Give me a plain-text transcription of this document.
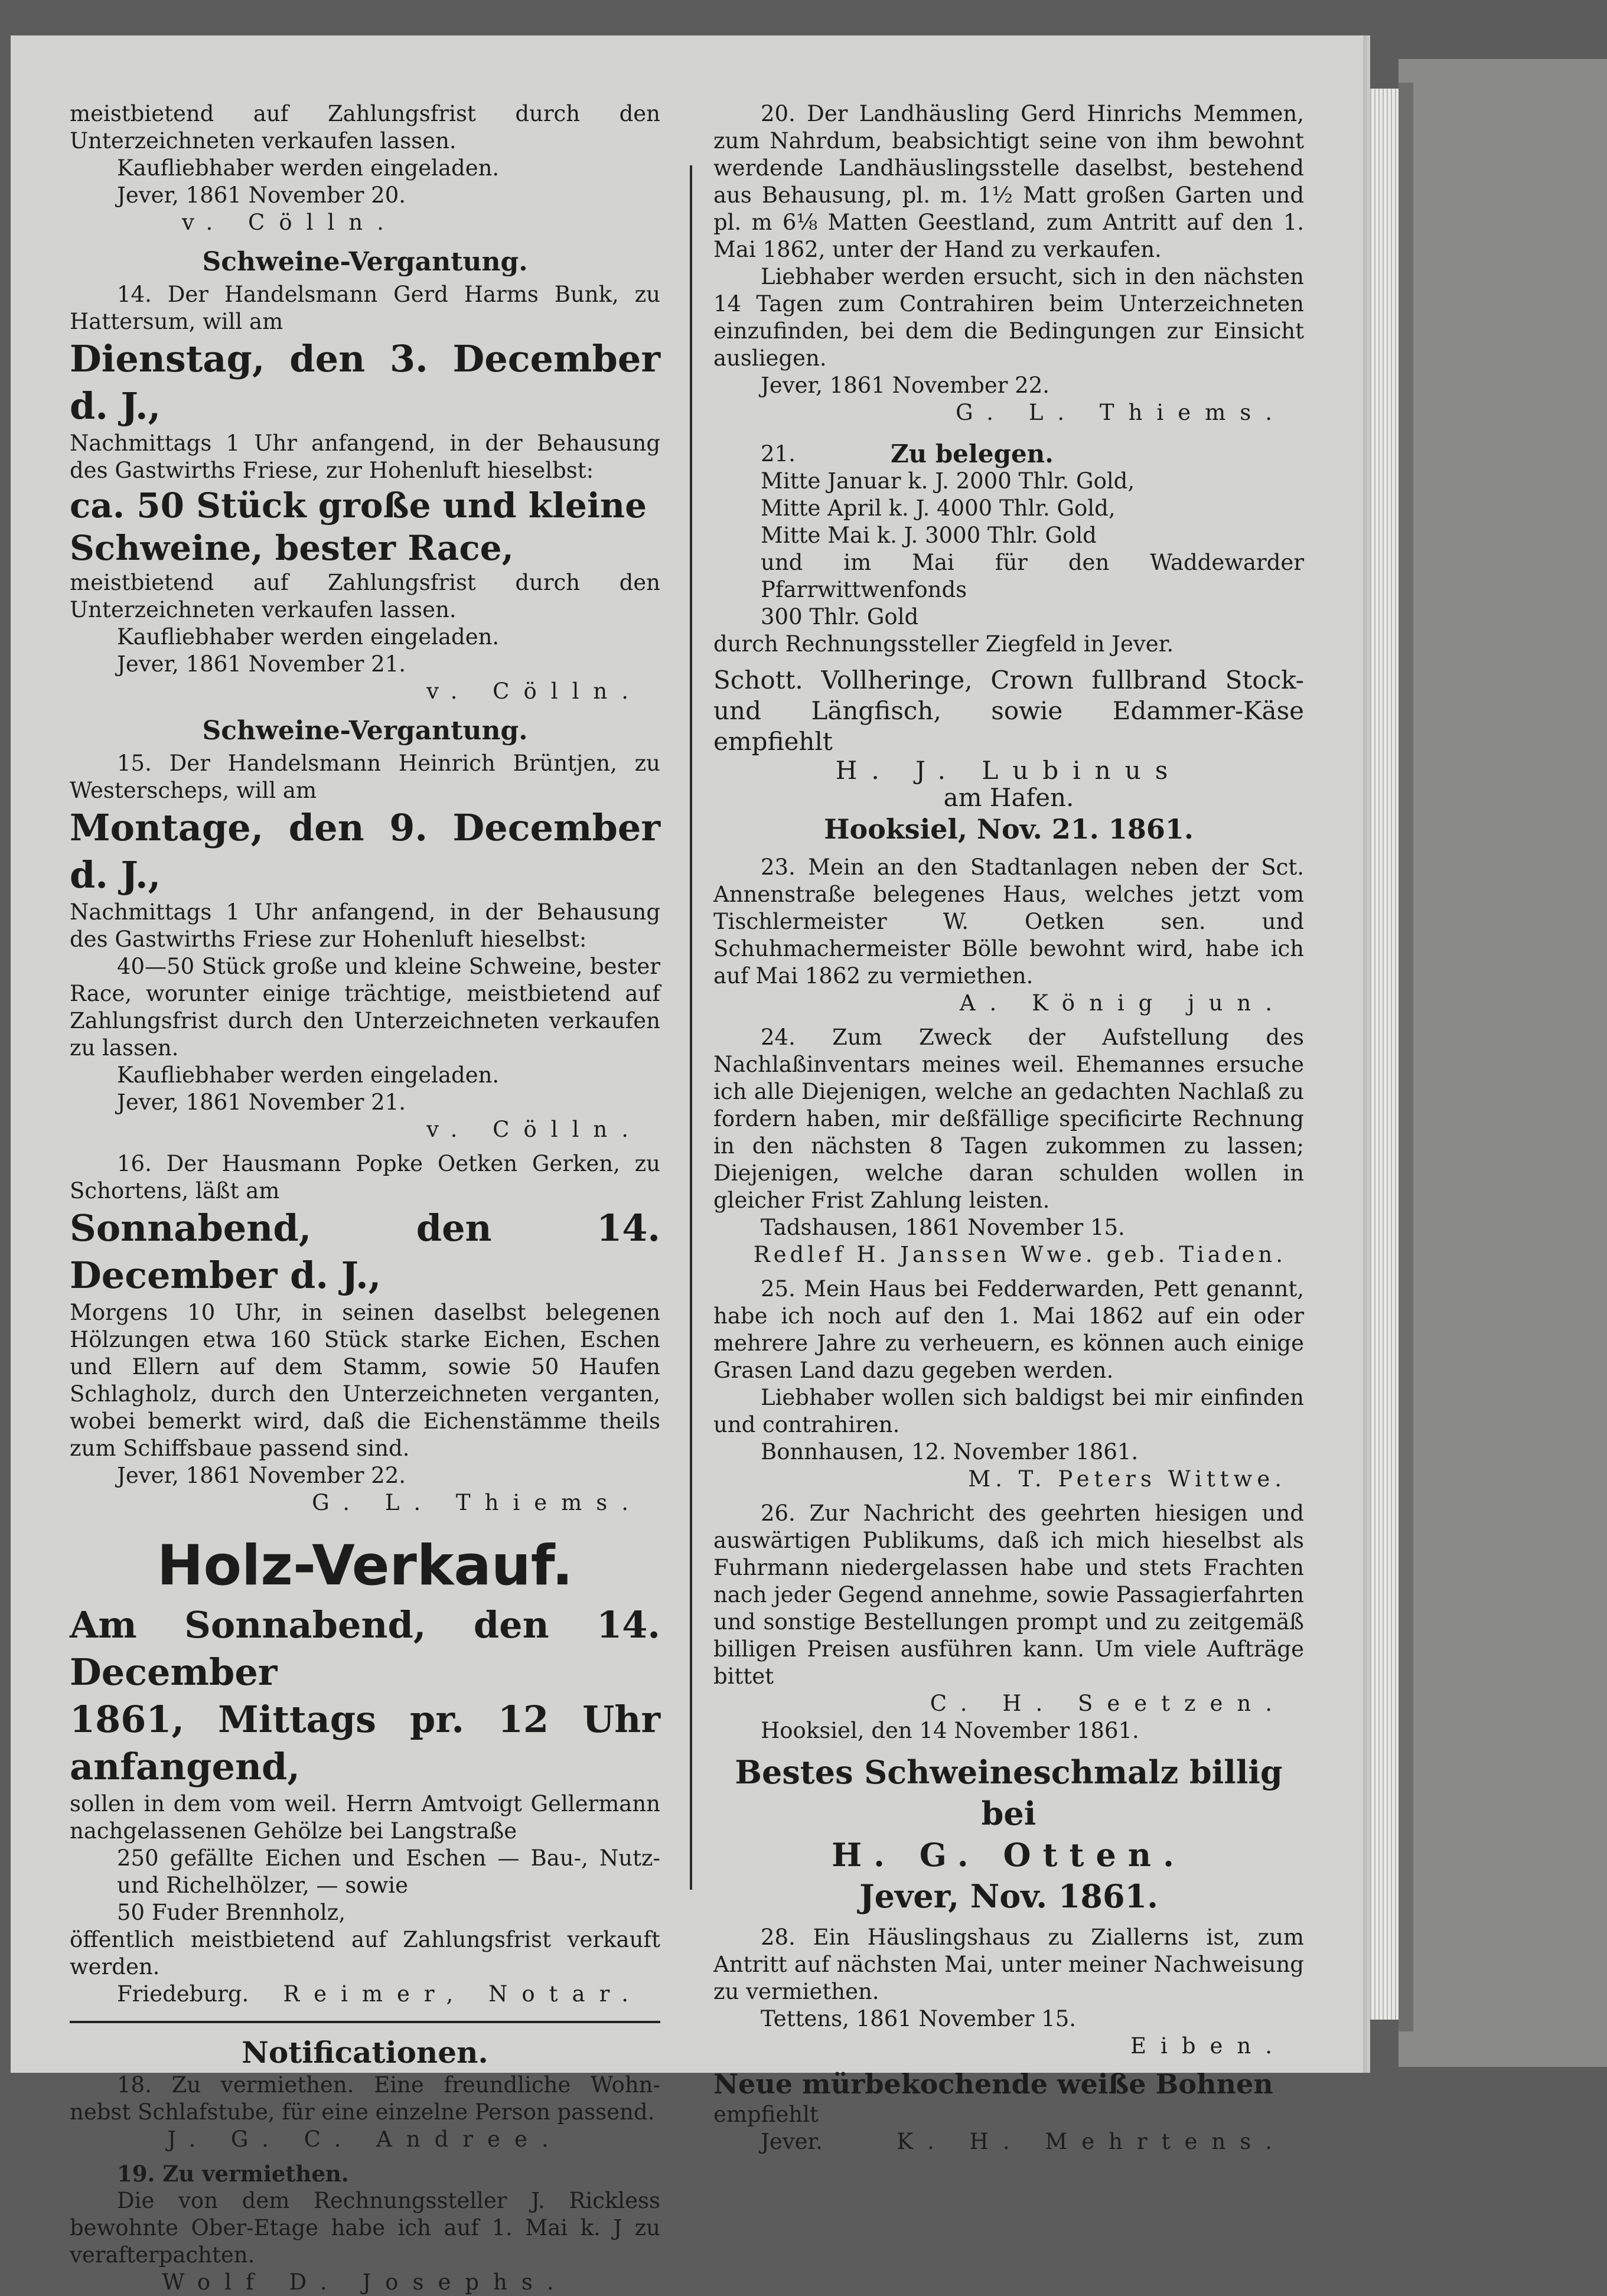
meistbietend auf Zahlungsfrist durch den Unterzeichneten verkaufen lassen.

Kaufliebhaber werden eingeladen.

Jever, 1861 November 20.

v. Cölln.

Schweine-Vergantung.

14. Der Handelsmann Gerd Harms Bunk, zu Hattersum, will am

Dienstag, den 3. December d. J.,

Nachmittags 1 Uhr anfangend, in der Behausung des Gastwirths Friese, zur Hohenluft hieselbst:

ca. 50 Stück große und kleine

Schweine, bester Race,

meistbietend auf Zahlungsfrist durch den Unterzeichneten verkaufen lassen.

Kaufliebhaber werden eingeladen.

Jever, 1861 November 21.

v. Cölln.

Schweine-Vergantung.

15. Der Handelsmann Heinrich Brüntjen, zu Westerscheps, will am

Montage, den 9. December d. J.,

Nachmittags 1 Uhr anfangend, in der Behausung des Gastwirths Friese zur Hohenluft hieselbst:

40—50 Stück große und kleine Schweine, bester Race, worunter einige trächtige, meistbietend auf Zahlungsfrist durch den Unterzeichneten verkaufen zu lassen.

Kaufliebhaber werden eingeladen.

Jever, 1861 November 21.

v. Cölln.

16. Der Hausmann Popke Oetken Gerken, zu Schortens, läßt am

Sonnabend, den 14. December d. J.,

Morgens 10 Uhr, in seinen daselbst belegenen Hölzungen etwa 160 Stück starke Eichen, Eschen und Ellern auf dem Stamm, sowie 50 Haufen Schlagholz, durch den Unterzeichneten verganten, wobei bemerkt wird, daß die Eichenstämme theils zum Schiffsbaue passend sind.

Jever, 1861 November 22.

G. L. Thiems.

Holz-Verkauf.

Am Sonnabend, den 14. December

1861, Mittags pr. 12 Uhr anfangend,

sollen in dem vom weil. Herrn Amtvoigt Gellermann nachgelassenen Gehölze bei Langstraße

250 gefällte Eichen und Eschen — Bau-, Nutz- und Richelhölzer, — sowie

50 Fuder Brennholz,

öffentlich meistbietend auf Zahlungsfrist verkauft werden.

Friedeburg. Reimer, Notar.

Notificationen.

18. Zu vermiethen. Eine freundliche Wohn- nebst Schlafstube, für eine einzelne Person passend.

J. G. C. Andree.

19. Zu vermiethen.

Die von dem Rechnungssteller J. Rickless bewohnte Ober-Etage habe ich auf 1. Mai k. J zu verafterpachten.

Wolf D. Josephs.

20. Der Landhäusling Gerd Hinrichs Memmen, zum Nahrdum, beabsichtigt seine von ihm bewohnt werdende Landhäuslingsstelle daselbst, bestehend aus Behausung, pl. m. 1½ Matt großen Garten und pl. m 6⅛ Matten Geestland, zum Antritt auf den 1. Mai 1862, unter der Hand zu verkaufen.

Liebhaber werden ersucht, sich in den nächsten 14 Tagen zum Contrahiren beim Unterzeichneten einzufinden, bei dem die Bedingungen zur Einsicht ausliegen.

Jever, 1861 November 22.

G. L. Thiems.

21.	Zu belegen.

Mitte Januar k. J. 2000 Thlr. Gold,

Mitte April k. J. 4000 Thlr. Gold,

Mitte Mai k. J. 3000 Thlr. Gold

und im Mai für den Waddewarder Pfarrwittwenfonds

300 Thlr. Gold

durch Rechnungssteller Ziegfeld in Jever.

Schott. Vollheringe, Crown fullbrand Stock- und Längfisch, sowie Edammer-Käse empfiehlt

H. J. Lubinus

am Hafen.

Hooksiel, Nov. 21. 1861.

23. Mein an den Stadtanlagen neben der Sct. Annenstraße belegenes Haus, welches jetzt vom Tischlermeister W. Oetken sen. und Schuhmachermeister Bölle bewohnt wird, habe ich auf Mai 1862 zu vermiethen.

A. König jun.

24. Zum Zweck der Aufstellung des Nachlaßinventars meines weil. Ehemannes ersuche ich alle Diejenigen, welche an gedachten Nachlaß zu fordern haben, mir deßfällige specificirte Rechnung in den nächsten 8 Tagen zukommen zu lassen; Diejenigen, welche daran schulden wollen in gleicher Frist Zahlung leisten.

Tadshausen, 1861 November 15.

Redlef H. Janssen Wwe. geb. Tiaden.

25. Mein Haus bei Fedderwarden, Pett genannt, habe ich noch auf den 1. Mai 1862 auf ein oder mehrere Jahre zu verheuern, es können auch einige Grasen Land dazu gegeben werden.

Liebhaber wollen sich baldigst bei mir einfinden und contrahiren.

Bonnhausen, 12. November 1861.

M. T. Peters Wittwe.

26. Zur Nachricht des geehrten hiesigen und auswärtigen Publikums, daß ich mich hieselbst als Fuhrmann niedergelassen habe und stets Frachten nach jeder Gegend annehme, sowie Passagierfahrten und sonstige Bestellungen prompt und zu zeitgemäß billigen Preisen ausführen kann. Um viele Aufträge bittet

C. H. Seetzen.

Hooksiel, den 14 November 1861.

Bestes Schweineschmalz billig bei

H. G. Otten.

Jever, Nov. 1861.

28. Ein Häuslingshaus zu Ziallerns ist, zum Antritt auf nächsten Mai, unter meiner Nachweisung zu vermiethen.

Tettens, 1861 November 15.

Eiben.

Neue mürbekochende weiße Bohnen

empfiehlt

Jever.	K. H. Mehrtens.
